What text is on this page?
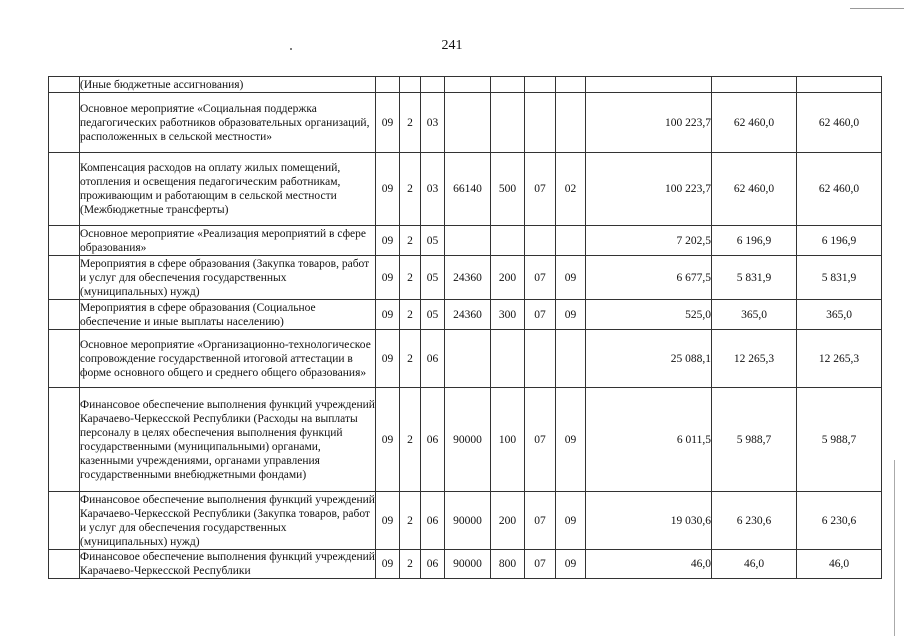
241
	(Иные бюджетные ассигнования)										
	Основное мероприятие «Социальная поддержка педагогических работников образовательных организаций, расположенных в сельской местности»	09	2	03					100 223,7	62 460,0	62 460,0
	Компенсация расходов на оплату жилых помещений, отопления и освещения педагогическим работникам, проживающим и работающим в сельской местности (Межбюджетные трансферты)	09	2	03	66140	500	07	02	100 223,7	62 460,0	62 460,0
	Основное мероприятие «Реализация мероприятий в сфере образования»	09	2	05					7 202,5	6 196,9	6 196,9
	Мероприятия в сфере образования (Закупка товаров, работ и услуг для обеспечения государственных (муниципальных) нужд)	09	2	05	24360	200	07	09	6 677,5	5 831,9	5 831,9
	Мероприятия в сфере образования (Социальное обеспечение и иные выплаты населению)	09	2	05	24360	300	07	09	525,0	365,0	365,0
	Основное мероприятие «Организационно-технологическое сопровождение государственной итоговой аттестации в форме основного общего и среднего общего образования»	09	2	06					25 088,1	12 265,3	12 265,3
	Финансовое обеспечение выполнения функций учреждений Карачаево-Черкесской Республики (Расходы на выплаты персоналу в целях обеспечения выполнения функций государственными (муниципальными) органами, казенными учреждениями, органами управления государственными внебюджетными фондами)	09	2	06	90000	100	07	09	6 011,5	5 988,7	5 988,7
	Финансовое обеспечение выполнения функций учреждений Карачаево-Черкесской Республики (Закупка товаров, работ и услуг для обеспечения государственных (муниципальных) нужд)	09	2	06	90000	200	07	09	19 030,6	6 230,6	6 230,6
	Финансовое обеспечение выполнения функций учреждений Карачаево-Черкесской Республики	09	2	06	90000	800	07	09	46,0	46,0	46,0
